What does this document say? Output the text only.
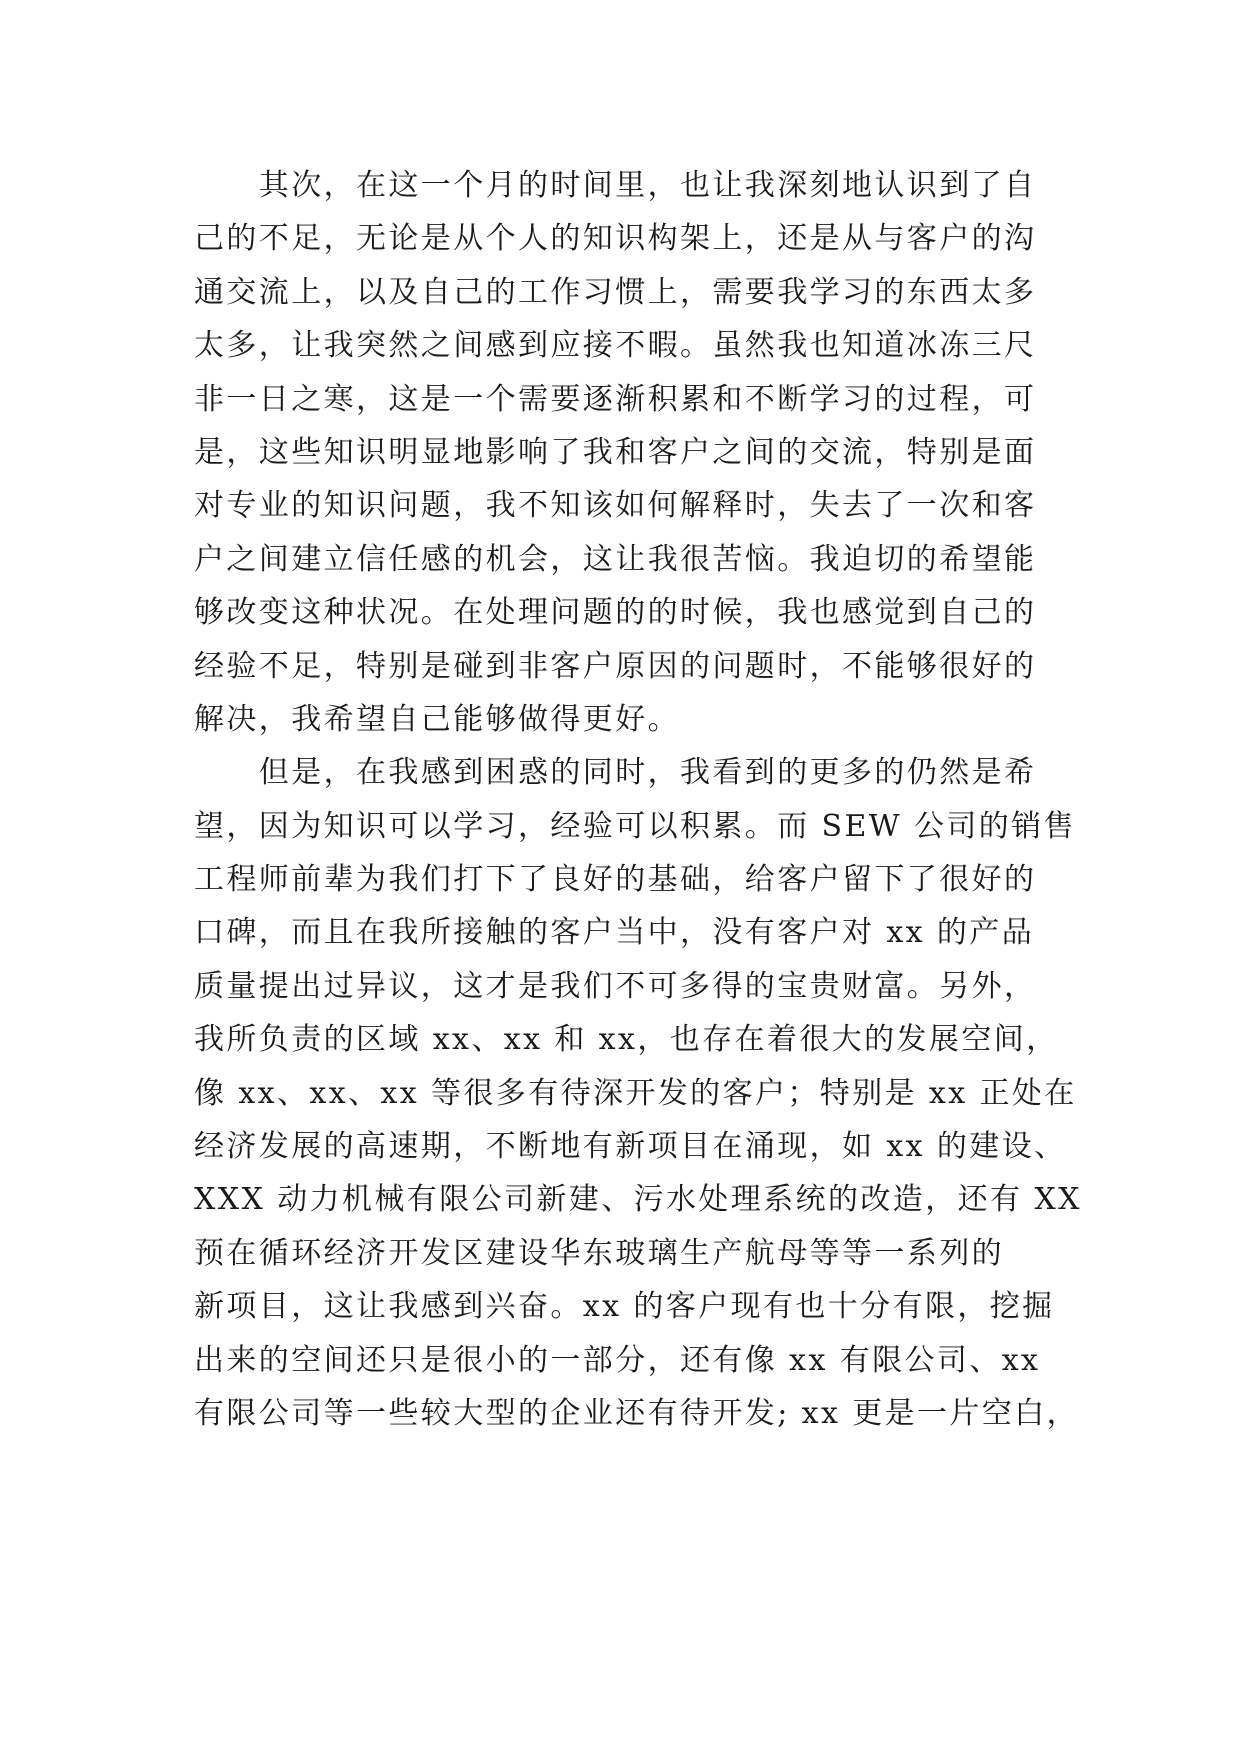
　　其次，在这一个月的时间里，也让我深刻地认识到了自
己的不足，无论是从个人的知识构架上，还是从与客户的沟
通交流上，以及自己的工作习惯上，需要我学习的东西太多
太多，让我突然之间感到应接不暇。虽然我也知道冰冻三尺
非一日之寒，这是一个需要逐渐积累和不断学习的过程，可
是，这些知识明显地影响了我和客户之间的交流，特别是面
对专业的知识问题，我不知该如何解释时，失去了一次和客
户之间建立信任感的机会，这让我很苦恼。我迫切的希望能
够改变这种状况。在处理问题的的时候，我也感觉到自己的
经验不足，特别是碰到非客户原因的问题时，不能够很好的
解决，我希望自己能够做得更好。
　　但是，在我感到困惑的同时，我看到的更多的仍然是希
望，因为知识可以学习，经验可以积累。而 SEW 公司的销售
工程师前辈为我们打下了良好的基础，给客户留下了很好的
口碑，而且在我所接触的客户当中，没有客户对 xx 的产品
质量提出过异议，这才是我们不可多得的宝贵财富。另外，
我所负责的区域 xx、xx 和 xx，也存在着很大的发展空间，
像 xx、xx、xx 等很多有待深开发的客户；特别是 xx 正处在
经济发展的高速期，不断地有新项目在涌现，如 xx 的建设、
XXX 动力机械有限公司新建、污水处理系统的改造，还有 XX
预在循环经济开发区建设华东玻璃生产航母等等一系列的
新项目，这让我感到兴奋。xx 的客户现有也十分有限，挖掘
出来的空间还只是很小的一部分，还有像 xx 有限公司、xx
有限公司等一些较大型的企业还有待开发; xx 更是一片空白，
